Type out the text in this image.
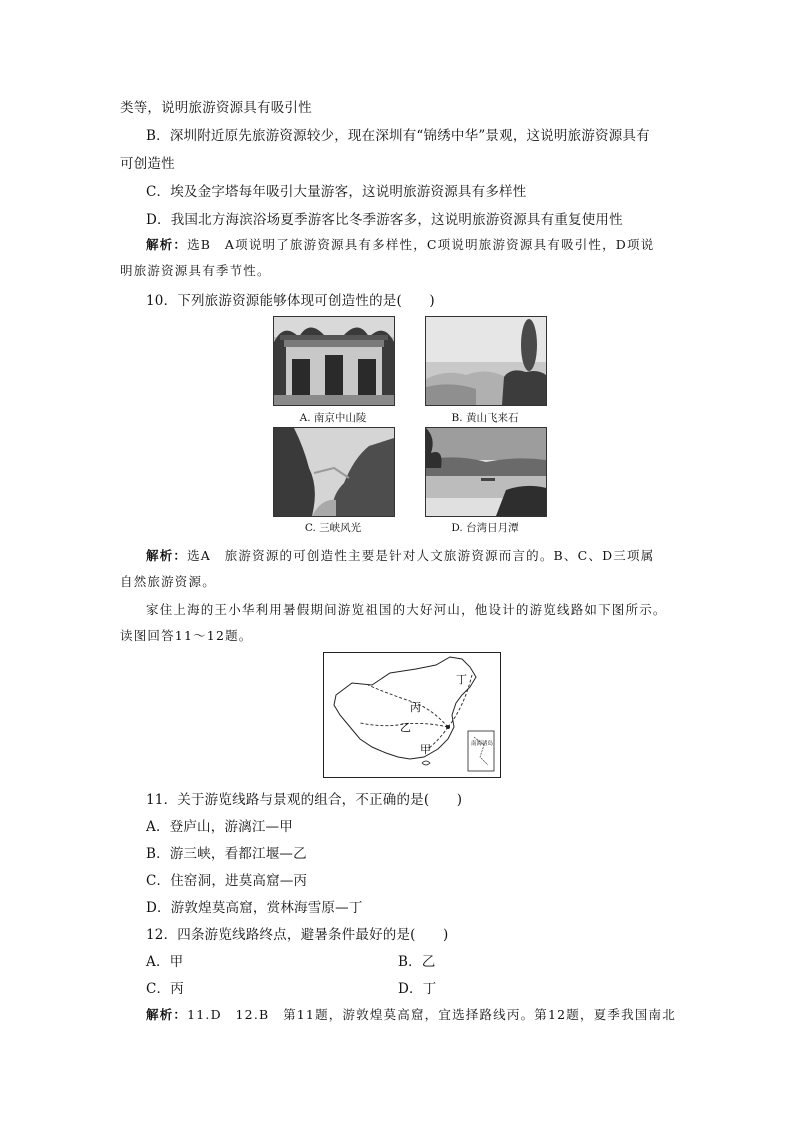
类等，说明旅游资源具有吸引性
B．深圳附近原先旅游资源较少，现在深圳有“锦绣中华”景观，这说明旅游资源具有
可创造性
C．埃及金字塔每年吸引大量游客，这说明旅游资源具有多样性
D．我国北方海滨浴场夏季游客比冬季游客多，这说明旅游资源具有重复使用性
解析：选B　A项说明了旅游资源具有多样性，C项说明旅游资源具有吸引性，D项说
明旅游资源具有季节性。
10．下列旅游资源能够体现可创造性的是(　　)
A. 南京中山陵	B. 黄山飞来石
C. 三峡风光	D. 台湾日月潭
解析：选A　旅游资源的可创造性主要是针对人文旅游资源而言的。B、C、D三项属
自然旅游资源。
家住上海的王小华利用暑假期间游览祖国的大好河山，他设计的游览线路如下图所示。
读图回答11～12题。
丁
丙
乙
甲	南海诸岛
11．关于游览线路与景观的组合，不正确的是(　　)
A．登庐山，游漓江—甲
B．游三峡，看都江堰—乙
C．住窑洞，进莫高窟—丙
D．游敦煌莫高窟，赏林海雪原—丁
12．四条游览线路终点，避暑条件最好的是(　　)
A．甲	B．乙
C．丙	D．丁
解析：11.D　12.B　第11题，游敦煌莫高窟，宜选择路线丙。第12题，夏季我国南北
